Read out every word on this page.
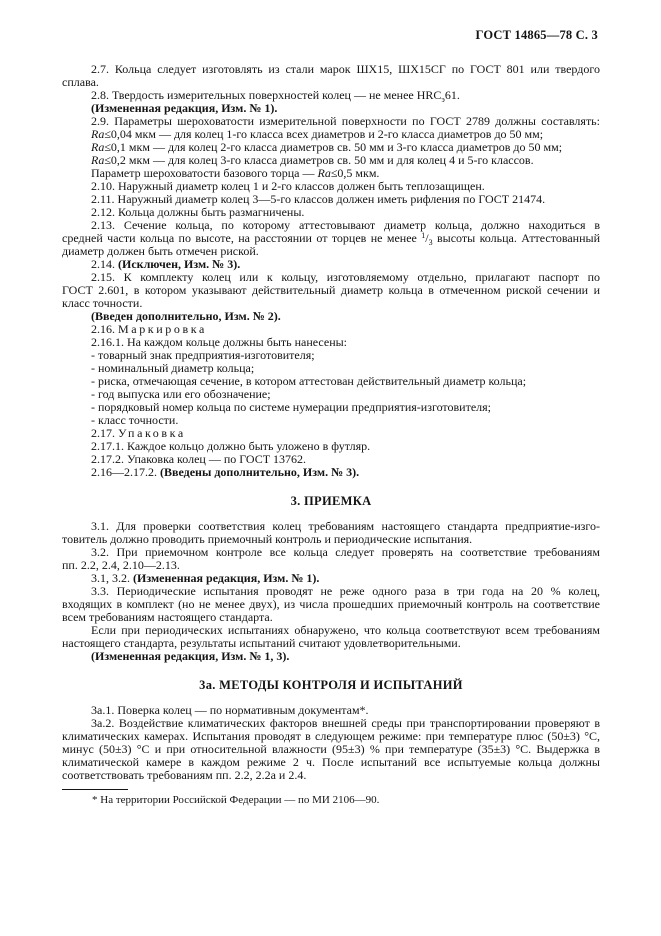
ГОСТ 14865—78 С. 3
2.7. Кольца следует изготовлять из стали марок ШХ15, ШХ15СГ по ГОСТ 801 или твердого
сплава.
2.8. Твердость измерительных поверхностей колец — не менее $HRC_э61$.
(Измененная редакция, Изм. № 1).
2.9. Параметры шероховатости измерительной поверхности по ГОСТ 2789 должны составлять:
Ra≤0,04 мкм — для колец 1-го класса всех диаметров и 2-го класса диаметров до 50 мм;
Ra≤0,1 мкм — для колец 2-го класса диаметров св. 50 мм и 3-го класса диаметров до 50 мм;
Ra≤0,2 мкм — для колец 3-го класса диаметров св. 50 мм и для колец 4 и 5-го классов.
Параметр шероховатости базового торца — Ra≤0,5 мкм.
2.10. Наружный диаметр колец 1 и 2-го классов должен быть теплозащищен.
2.11. Наружный диаметр колец 3—5-го классов должен иметь рифления по ГОСТ 21474.
2.12. Кольца должны быть размагничены.
2.13. Сечение кольца, по которому аттестовывают диаметр кольца, должно находиться в
средней части кольца по высоте, на расстоянии от торцев не менее $^1/_3$ высоты кольца. Аттестованный
диаметр должен быть отмечен риской.
2.14. (Исключен, Изм. № 3).
2.15. К комплекту колец или к кольцу, изготовляемому отдельно, прилагают паспорт по
ГОСТ 2.601, в котором указывают действительный диаметр кольца в отмеченном риской сечении и
класс точности.
(Введен дополнительно, Изм. № 2).
2.16. Маркировка
2.16.1. На каждом кольце должны быть нанесены:
- товарный знак предприятия-изготовителя;
- номинальный диаметр кольца;
- риска, отмечающая сечение, в котором аттестован действительный диаметр кольца;
- год выпуска или его обозначение;
- порядковый номер кольца по системе нумерации предприятия-изготовителя;
- класс точности.
2.17. Упаковка
2.17.1. Каждое кольцо должно быть уложено в футляр.
2.17.2. Упаковка колец — по ГОСТ 13762.
2.16—2.17.2. (Введены дополнительно, Изм. № 3).
3. ПРИЕМКА
3.1. Для проверки соответствия колец требованиям настоящего стандарта предприятие-изго-
товитель должно проводить приемочный контроль и периодические испытания.
3.2. При приемочном контроле все кольца следует проверять на соответствие требованиям
пп. 2.2, 2.4, 2.10—2.13.
3.1, 3.2. (Измененная редакция, Изм. № 1).
3.3. Периодические испытания проводят не реже одного раза в три года на 20 % колец,
входящих в комплект (но не менее двух), из числа прошедших приемочный контроль на соответствие
всем требованиям настоящего стандарта.
Если при периодических испытаниях обнаружено, что кольца соответствуют всем требованиям
настоящего стандарта, результаты испытаний считают удовлетворительными.
(Измененная редакция, Изм. № 1, 3).
3а. МЕТОДЫ КОНТРОЛЯ И ИСПЫТАНИЙ
3а.1. Поверка колец — по нормативным документам*.
3а.2. Воздействие климатических факторов внешней среды при транспортировании проверяют в
климатических камерах. Испытания проводят в следующем режиме: при температуре плюс (50±3) °С,
минус (50±3) °С и при относительной влажности (95±3) % при температуре (35±3) °С. Выдержка в
климатической камере в каждом режиме 2 ч. После испытаний все испытуемые кольца должны
соответствовать требованиям пп. 2.2, 2.2а и 2.4.
* На территории Российской Федерации — по МИ 2106—90.
